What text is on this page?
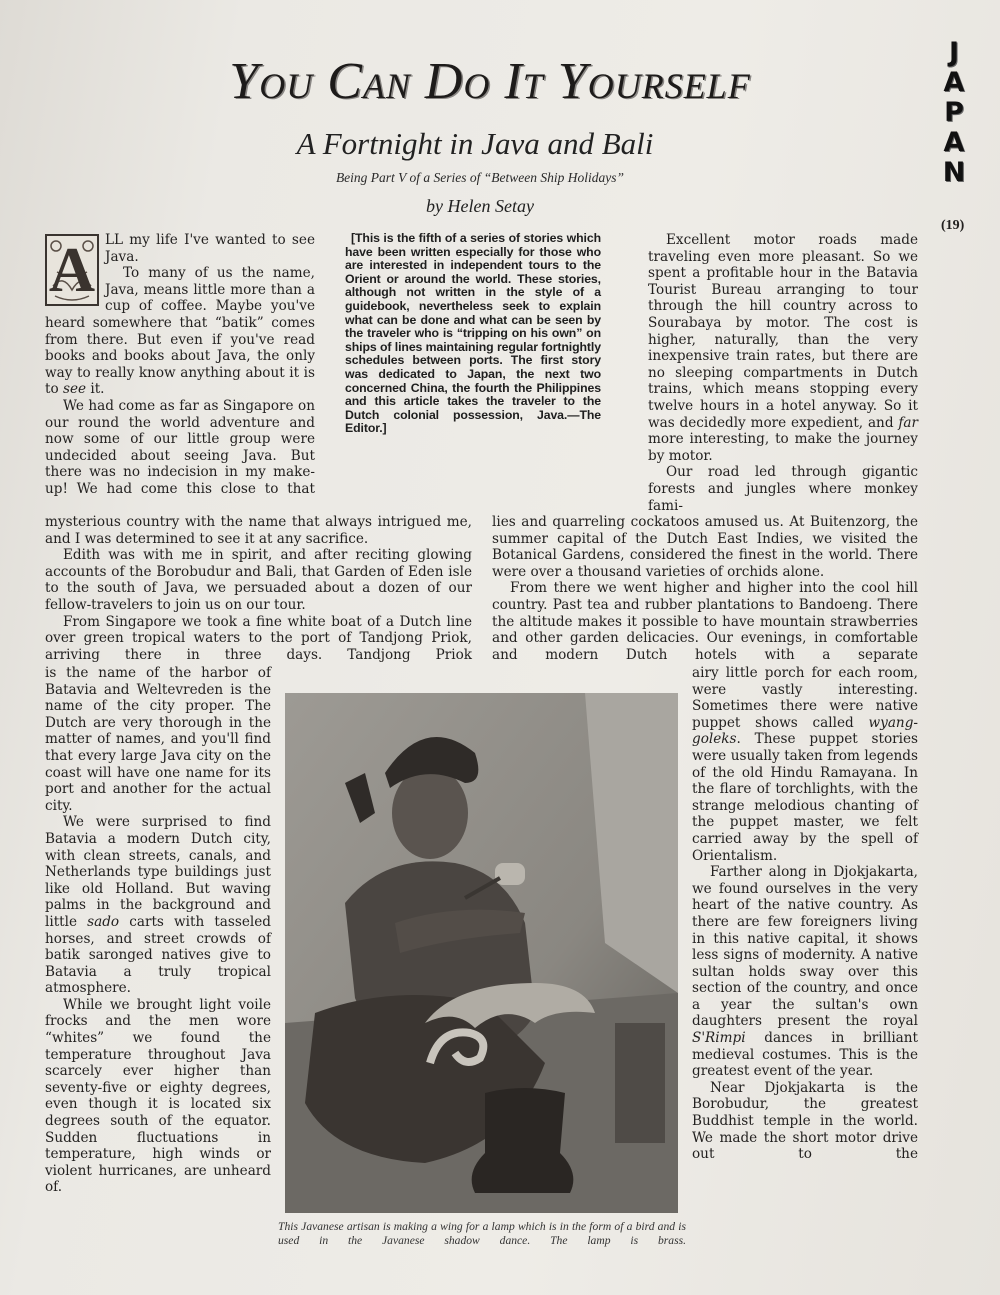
You Can Do It Yourself
A Fortnight in Java and Bali
Being Part V of a Series of “Between Ship Holidays”
by Helen Setay
J
A
P
A
N
(19)

[This is the fifth of a series of stories which have been written especially for those who are interested in independent tours to the Orient or around the world. These stories, although not written in the style of a guidebook, nevertheless seek to explain what can be done and what can be seen by the traveler who is “tripping on his own” on ships of lines maintaining regular fortnightly schedules between ports. The first story was dedicated to Japan, the next two concerned China, the fourth the Philippines and this article takes the traveler to the Dutch colonial possession, Java.—The Editor.]

A LL my life I've wanted to see Java.

To many of us the name, Java, means little more than a cup of coffee. Maybe you've heard somewhere that “batik” comes from there. But even if you've read books and books about Java, the only way to really know anything about it is to see it.

We had come as far as Singapore on our round the world adventure and now some of our little group were undecided about seeing Java. But there was no indecision in my make-up! We had come this close to that

mysterious country with the name that always intrigued me, and I was determined to see it at any sacrifice.

Edith was with me in spirit, and after reciting glowing accounts of the Borobudur and Bali, that Garden of Eden isle to the south of Java, we persuaded about a dozen of our fellow-travelers to join us on our tour.

From Singapore we took a fine white boat of a Dutch line over green tropical waters to the port of Tandjong Priok, arriving there in three days. Tandjong Priok

is the name of the harbor of Batavia and Weltevreden is the name of the city proper. The Dutch are very thorough in the matter of names, and you'll find that every large Java city on the coast will have one name for its port and another for the actual city.

We were surprised to find Batavia a modern Dutch city, with clean streets, canals, and Netherlands type buildings just like old Holland. But waving palms in the background and little sado carts with tasseled horses, and street crowds of batik saronged natives give to Batavia a truly tropical atmosphere.

While we brought light voile frocks and the men wore “whites” we found the temperature throughout Java scarcely ever higher than seventy-five or eighty degrees, even though it is located six degrees south of the equator. Sudden fluctuations in temperature, high winds or violent hurricanes, are unheard of.

Excellent motor roads made traveling even more pleasant. So we spent a profitable hour in the Batavia Tourist Bureau arranging to tour through the hill country across to Sourabaya by motor. The cost is higher, naturally, than the very inexpensive train rates, but there are no sleeping compartments in Dutch trains, which means stopping every twelve hours in a hotel anyway. So it was decidedly more expedient, and far more interesting, to make the journey by motor.

Our road led through gigantic forests and jungles where monkey fami-

lies and quarreling cockatoos amused us. At Buitenzorg, the summer capital of the Dutch East Indies, we visited the Botanical Gardens, considered the finest in the world. There were over a thousand varieties of orchids alone.

From there we went higher and higher into the cool hill country. Past tea and rubber plantations to Bandoeng. There the altitude makes it possible to have mountain strawberries and other garden delicacies. Our evenings, in comfortable and modern Dutch hotels with a separate

airy little porch for each room, were vastly interesting. Sometimes there were native puppet shows called wyang-goleks. These puppet stories were usually taken from legends of the old Hindu Ramayana. In the flare of torchlights, with the strange melodious chanting of the puppet master, we felt carried away by the spell of Orientalism.

Farther along in Djokjakarta, we found ourselves in the very heart of the native country. As there are few foreigners living in this native capital, it shows less signs of modernity. A native sultan holds sway over this section of the country, and once a year the sultan's own daughters present the royal S'Rimpi dances in brilliant medieval costumes. This is the greatest event of the year.

Near Djokjakarta is the Borobudur, the greatest Buddhist temple in the world. We made the short motor drive out to the

This Javanese artisan is making a wing for a lamp which is in the form of a bird and is used in the Javanese shadow dance. The lamp is brass.
